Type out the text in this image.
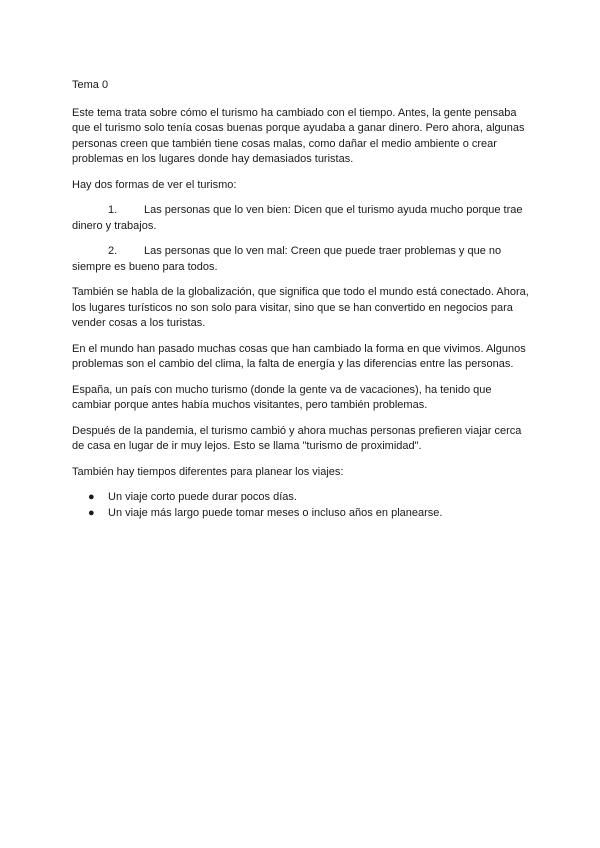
Tema 0

Este tema trata sobre cómo el turismo ha cambiado con el tiempo. Antes, la gente pensaba que el turismo solo tenía cosas buenas porque ayudaba a ganar dinero. Pero ahora, algunas personas creen que también tiene cosas malas, como dañar el medio ambiente o crear problemas en los lugares donde hay demasiados turistas.

Hay dos formas de ver el turismo:

1. Las personas que lo ven bien: Dicen que el turismo ayuda mucho porque trae
dinero y trabajos.
2. Las personas que lo ven mal: Creen que puede traer problemas y que no
siempre es bueno para todos.

También se habla de la globalización, que significa que todo el mundo está conectado. Ahora, los lugares turísticos no son solo para visitar, sino que se han convertido en negocios para vender cosas a los turistas.

En el mundo han pasado muchas cosas que han cambiado la forma en que vivimos. Algunos problemas son el cambio del clima, la falta de energía y las diferencias entre las personas.

España, un país con mucho turismo (donde la gente va de vacaciones), ha tenido que cambiar porque antes había muchos visitantes, pero también problemas.

Después de la pandemia, el turismo cambió y ahora muchas personas prefieren viajar cerca de casa en lugar de ir muy lejos. Esto se llama "turismo de proximidad".

También hay tiempos diferentes para planear los viajes:

● Un viaje corto puede durar pocos días.
● Un viaje más largo puede tomar meses o incluso años en planearse.
